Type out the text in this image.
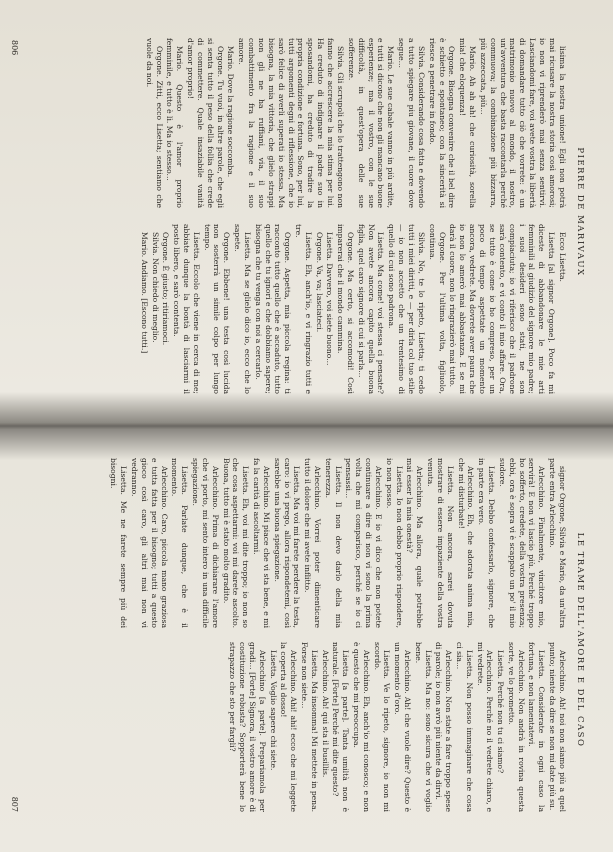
PIERRE DE MARIVAUX

lisima la nostra unione! Egli non potrà mai ricusare la nostra storia così amorosi; io non vi riprenderò mai senza sentirvi. Lasciandomi fare, voi avete vostra la libertà di domandare tutto ciò che vorrete: è un matrimonio nuovo al mondo, il nostro, un'avventura che basta raccontarla perché commuova; la combinazione più bizzarra, più azzeccata, più...

Mario. Ah ah ah! che curiosità, sorella mia! che eloquenza!

Orgone. Bisogna convenire che il bel dire è schietto e spontaneo; con la sincerità si riesce a penetrare in fondo.

Silvia. Considerando cosa fatta e dovendo a tutto spiegare piu giovane, il cuore dove segue...

Mario. Le sue cabale vanno in più ardite, e tutti si dicono che non gli mancano buone esperienze; ma il vostro, con le sue difficoltà, in quest'opera delle sue sofferenze.

Silvia. Gli scrupoli che lo trattengono non fanno che accrescere la mia stima per lui. Ha creduto di indignare il padre suo in sposandomi, ha creduto di tradire la propria condizione e fortuna. Sono, per lui, tutti argomenti degni di riflessione, che io sarò felice di averli superati io stessa. Ma bisogna, la mia vittoria, che glielo strappi non gli ne ha ruffiani, via, il suo combattimento fra la ragione e il suo amore.

Mario. Dove la ragione soccomba.

Orgone. Tu vuoi, in altre parole, che egli si senta tutto il peso della follia che crede di commettere. Quale insaziabile vanità d'amor proprio!

Mario. Questo è l'amor proprio femminile, e tutto è lì. Ma io stesso...

Orgone. Zitti, ecco Lisetta; sentiamo che vuole da noi.

Ecco Lisetta.

Lisetta [al signor Orgone]. Poco fa mi diceste di abbandonare le mie arti femminili al giudizio del signore mio padre; i suoi desideri sono stati, ne son compiaciuta; io vi riferisco che il padrone sarà contento, e vi conto il mio affare. Ora, se tutto è come io ho compreso, per un poco di tempo aspettate un momento ancora, vedrete. Ma dovrete aver paura che io non lo amerò mai abbastanza. E se mi darà il cuore, non lo ringrazierò mai tutto.

Orgone. Per l'ultima volta, figliuolo, continua.

Silvia. No, te lo ripeto, Lisetta; ti cedo tutti i miei diritti, e — per dirla col tuo stile — io non accetto che un trentesimo di quello di cui sono padrona.

Lisetta. Ma come! voi stessa ci pensate? Non avete ancora capito quella buona figlia, quel caro signore di cui si parla...

Orgone. Ma certo, si accomodi! Così imparerai che il mondo cammina.

Lisetta. Davvero, voi siete buono...

Orgone. Va, va; lasciateci.

Lisetta. Eh, anch'io, e vi ringrazio tutti e tre.

Orgone. Aspetta, mia piccola regina: ti racconto tutto quello che è accaduto, tutto quello che tu ignori e che dobbiamo sapere; bisogna che tu venga con noi a cercarlo.

Lisetta. Ma se glielo dico io, ecco che lo sapete.

Orgone. Ebbene! una testa così lucida non sosterrà un simile colpo per lungo tempo.

Lisetta. Eccolo che viene in cerca di me; abbiate dunque la bontà di lasciarmi il posto libero, e sarò contenta.

Orgone. È giusto; ritiriamoci.

Silvia. Non chiedo di meglio.

Mario. Andiamo. [Escono tutti.]

806
LE TRAME DELL'AMORE E DEL CASO

signor Orgone, Silvia e Mario, da un'altra parte entra Arlecchino.

Arlecchino. Finalmente, vincitore mio, servirà! E non vi lascio più. Perché troppo ho sofferto, credete, della vostra presenza; ebbi, ora è sopra vi è scappato un po' il mio sudore.

Lisetta. Debbo confessarlo, signore, che in parte era vero.

Arlecchino. Eh, che adorata anima mia, che mi disturbate!

Lisetta. Non ancora, sarei dovuta mostrare di essere impaziente della vostra venuta.

Arlecchino. Ma allora, quale potrebbe mai esser la mia onestà?

Lisetta. Io non debbo proprio rispondere, io non posso.

Arlecchino. E io vi dico che non potete continuare a dire di non vi sono la prima volta che mi comparisco, perché se io ci pensassi...

Lisetta. Il non devo darlo della mia tenerezza.

Arlecchino. Vorrei poter dimenticare tutto il dolore che mi avete inflitto.

Lisetta. Ma voi mi farete perdere la testa, caro: io vi prego, allora rispondetemi, così sarebbe una buona spiegazione.

Arlecchino. Mi piace che vi sta bene, e mi fa la carità di ascoltarmi.

Lisetta. Eh, voi mi dite troppo; io non so che cosa aspettarmi: voi mi darete ascolto. Buona, tutto mi è stato molto gradito.

Arlecchino. Prima di dichiarare l'amore che vi porto, mi sento intero in una difficile spiegazione.

Lisetta. Parlate dunque, che è il momento.

Arlecchino. Caro, piccola mano graziosa e tutta fatta per il bisogno; tutti a questo gioco così caro, gli altri mai non vi vedranno.

Lisetta. Me ne farete sempre più dei bisogni.

Arlecchino. Ah! noi non siamo più a quel punto; niente da dire se non mi date più su.

Lisetta. Considerate in ogni caso la fortuna, e non lamentatevi.

Arlecchino. Non andrà in rovina questa sorte, ve lo prometto.

Lisetta. Perché non tu ci siamo?

Arlecchino. Perché no il vedrete chiaro, e mi vedrete.

Lisetta. Non posso immaginare che cosa ci sia...

Arlecchino. Non state a fare troppo spese di parole; io non avrò più niente da dirvi.

Lisetta. Ma no: sono sicura che vi voglio bene.

Arlecchino. Ah! che vuole dire? Questo è un momento d'oro.

Lisetta. Ve lo ripeto, signore, io non mi scordo.

Arlecchino. Eh, anch'io mi conosco; e non è questo che mi preoccupa.

Lisetta [a parte]. Tanta umiltà non è naturale. [Forte] Perché mi dite questo?

Arlecchino. Ah! qui sta il busillis.

Lisetta. Ma insomma! Mi mettete in pena. Forse non siete...

Arlecchino. Ahi! ahi! ecco che mi leggete la coperta al dosso!

Lisetta. Voglio sapere chi siete.

Arlecchino [a parte]. Prepariamola per gradi... [Forte] Signora, il vostro amore è di costituzione robusta? Sopporterà bene lo strapazzo che sto per fargli?

807
